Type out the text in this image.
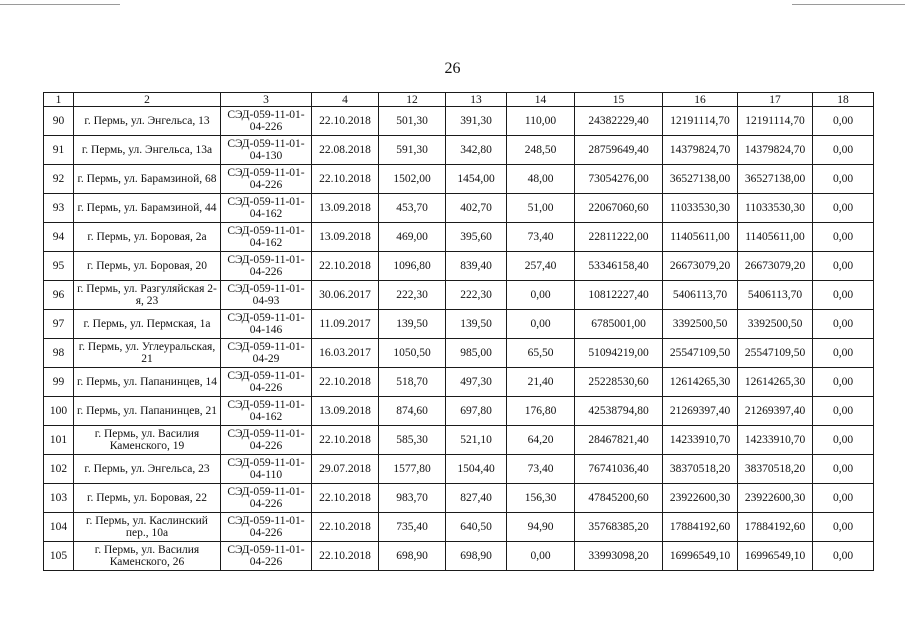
26
1	2	3	4	12	13	14	15	16	17	18
90	г. Пермь, ул. Энгельса, 13	СЭД-059-11-01-04-226	22.10.2018	501,30	391,30	110,00	24382229,40	12191114,70	12191114,70	0,00
91	г. Пермь, ул. Энгельса, 13а	СЭД-059-11-01-04-130	22.08.2018	591,30	342,80	248,50	28759649,40	14379824,70	14379824,70	0,00
92	г. Пермь, ул. Барамзиной, 68	СЭД-059-11-01-04-226	22.10.2018	1502,00	1454,00	48,00	73054276,00	36527138,00	36527138,00	0,00
93	г. Пермь, ул. Барамзиной, 44	СЭД-059-11-01-04-162	13.09.2018	453,70	402,70	51,00	22067060,60	11033530,30	11033530,30	0,00
94	г. Пермь, ул. Боровая, 2а	СЭД-059-11-01-04-162	13.09.2018	469,00	395,60	73,40	22811222,00	11405611,00	11405611,00	0,00
95	г. Пермь, ул. Боровая, 20	СЭД-059-11-01-04-226	22.10.2018	1096,80	839,40	257,40	53346158,40	26673079,20	26673079,20	0,00
96	г. Пермь, ул. Разгуляйская 2-я, 23	СЭД-059-11-01-04-93	30.06.2017	222,30	222,30	0,00	10812227,40	5406113,70	5406113,70	0,00
97	г. Пермь, ул. Пермская, 1а	СЭД-059-11-01-04-146	11.09.2017	139,50	139,50	0,00	6785001,00	3392500,50	3392500,50	0,00
98	г. Пермь, ул. Углеуральская, 21	СЭД-059-11-01-04-29	16.03.2017	1050,50	985,00	65,50	51094219,00	25547109,50	25547109,50	0,00
99	г. Пермь, ул. Папанинцев, 14	СЭД-059-11-01-04-226	22.10.2018	518,70	497,30	21,40	25228530,60	12614265,30	12614265,30	0,00
100	г. Пермь, ул. Папанинцев, 21	СЭД-059-11-01-04-162	13.09.2018	874,60	697,80	176,80	42538794,80	21269397,40	21269397,40	0,00
101	г. Пермь, ул. Василия Каменского, 19	СЭД-059-11-01-04-226	22.10.2018	585,30	521,10	64,20	28467821,40	14233910,70	14233910,70	0,00
102	г. Пермь, ул. Энгельса, 23	СЭД-059-11-01-04-110	29.07.2018	1577,80	1504,40	73,40	76741036,40	38370518,20	38370518,20	0,00
103	г. Пермь, ул. Боровая, 22	СЭД-059-11-01-04-226	22.10.2018	983,70	827,40	156,30	47845200,60	23922600,30	23922600,30	0,00
104	г. Пермь, ул. Каслинский пер., 10а	СЭД-059-11-01-04-226	22.10.2018	735,40	640,50	94,90	35768385,20	17884192,60	17884192,60	0,00
105	г. Пермь, ул. Василия Каменского, 26	СЭД-059-11-01-04-226	22.10.2018	698,90	698,90	0,00	33993098,20	16996549,10	16996549,10	0,00
